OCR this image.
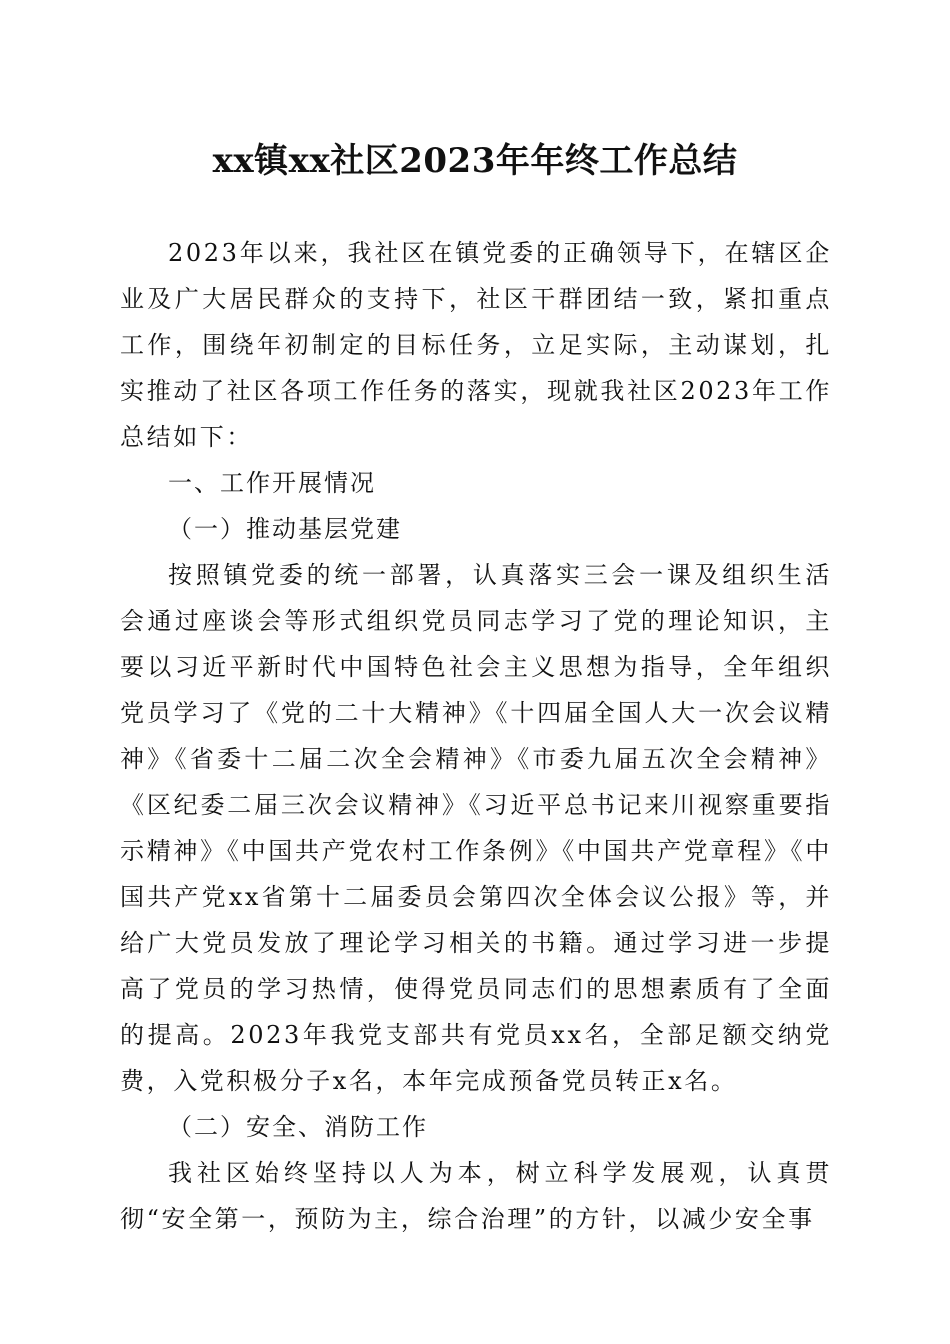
xx镇xx社区2023年年终工作总结

2023年以来，我社区在镇党委的正确领导下，在辖区企业及广大居民群众的支持下，社区干群团结一致，紧扣重点工作，围绕年初制定的目标任务，立足实际，主动谋划，扎实推动了社区各项工作任务的落实，现就我社区2023年工作总结如下：

一、工作开展情况

（一）推动基层党建

按照镇党委的统一部署，认真落实三会一课及组织生活会通过座谈会等形式组织党员同志学习了党的理论知识，主要以习近平新时代中国特色社会主义思想为指导，全年组织党员学习了《党的二十大精神》《十四届全国人大一次会议精神》《省委十二届二次全会精神》《市委九届五次全会精神》《区纪委二届三次会议精神》《习近平总书记来川视察重要指示精神》《中国共产党农村工作条例》《中国共产党章程》《中国共产党xx省第十二届委员会第四次全体会议公报》等，并给广大党员发放了理论学习相关的书籍。通过学习进一步提高了党员的学习热情，使得党员同志们的思想素质有了全面的提高。2023年我党支部共有党员xx名，全部足额交纳党费，入党积极分子x名，本年完成预备党员转正x名。

（二）安全、消防工作

我社区始终坚持以人为本，树立科学发展观，认真贯彻“安全第一，预防为主，综合治理”的方针，以减少安全事
